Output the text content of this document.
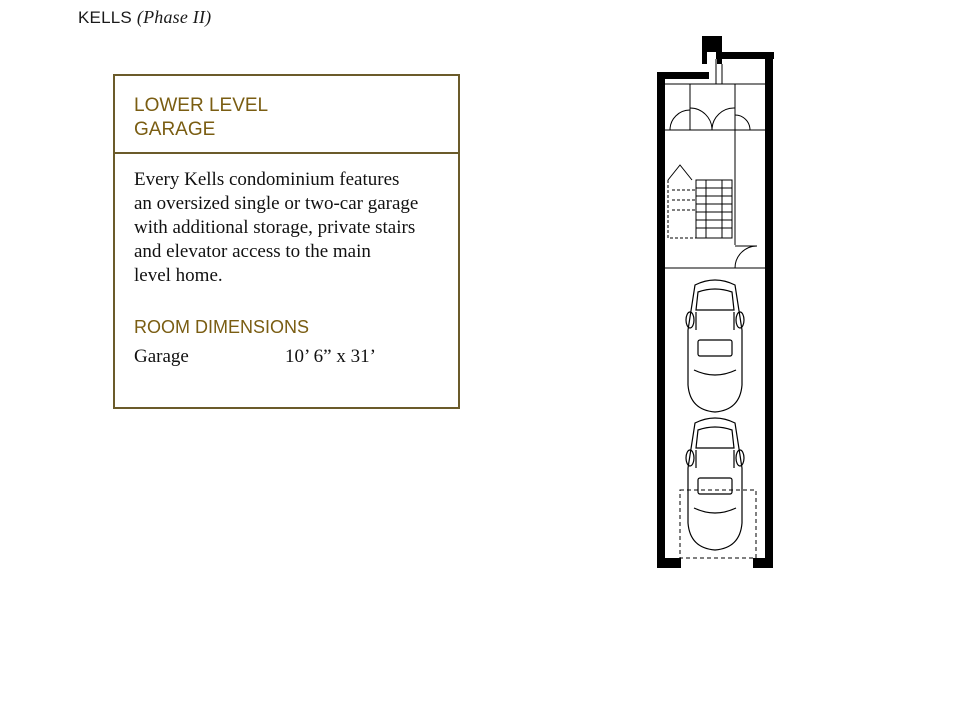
KELLS (Phase II)
LOWER LEVEL
GARAGE
Every Kells condominium features
an oversized single or two-car garage
with additional storage, private stairs
and elevator access to the main
level home.
ROOM DIMENSIONS
Garage	10’ 6” x 31’
